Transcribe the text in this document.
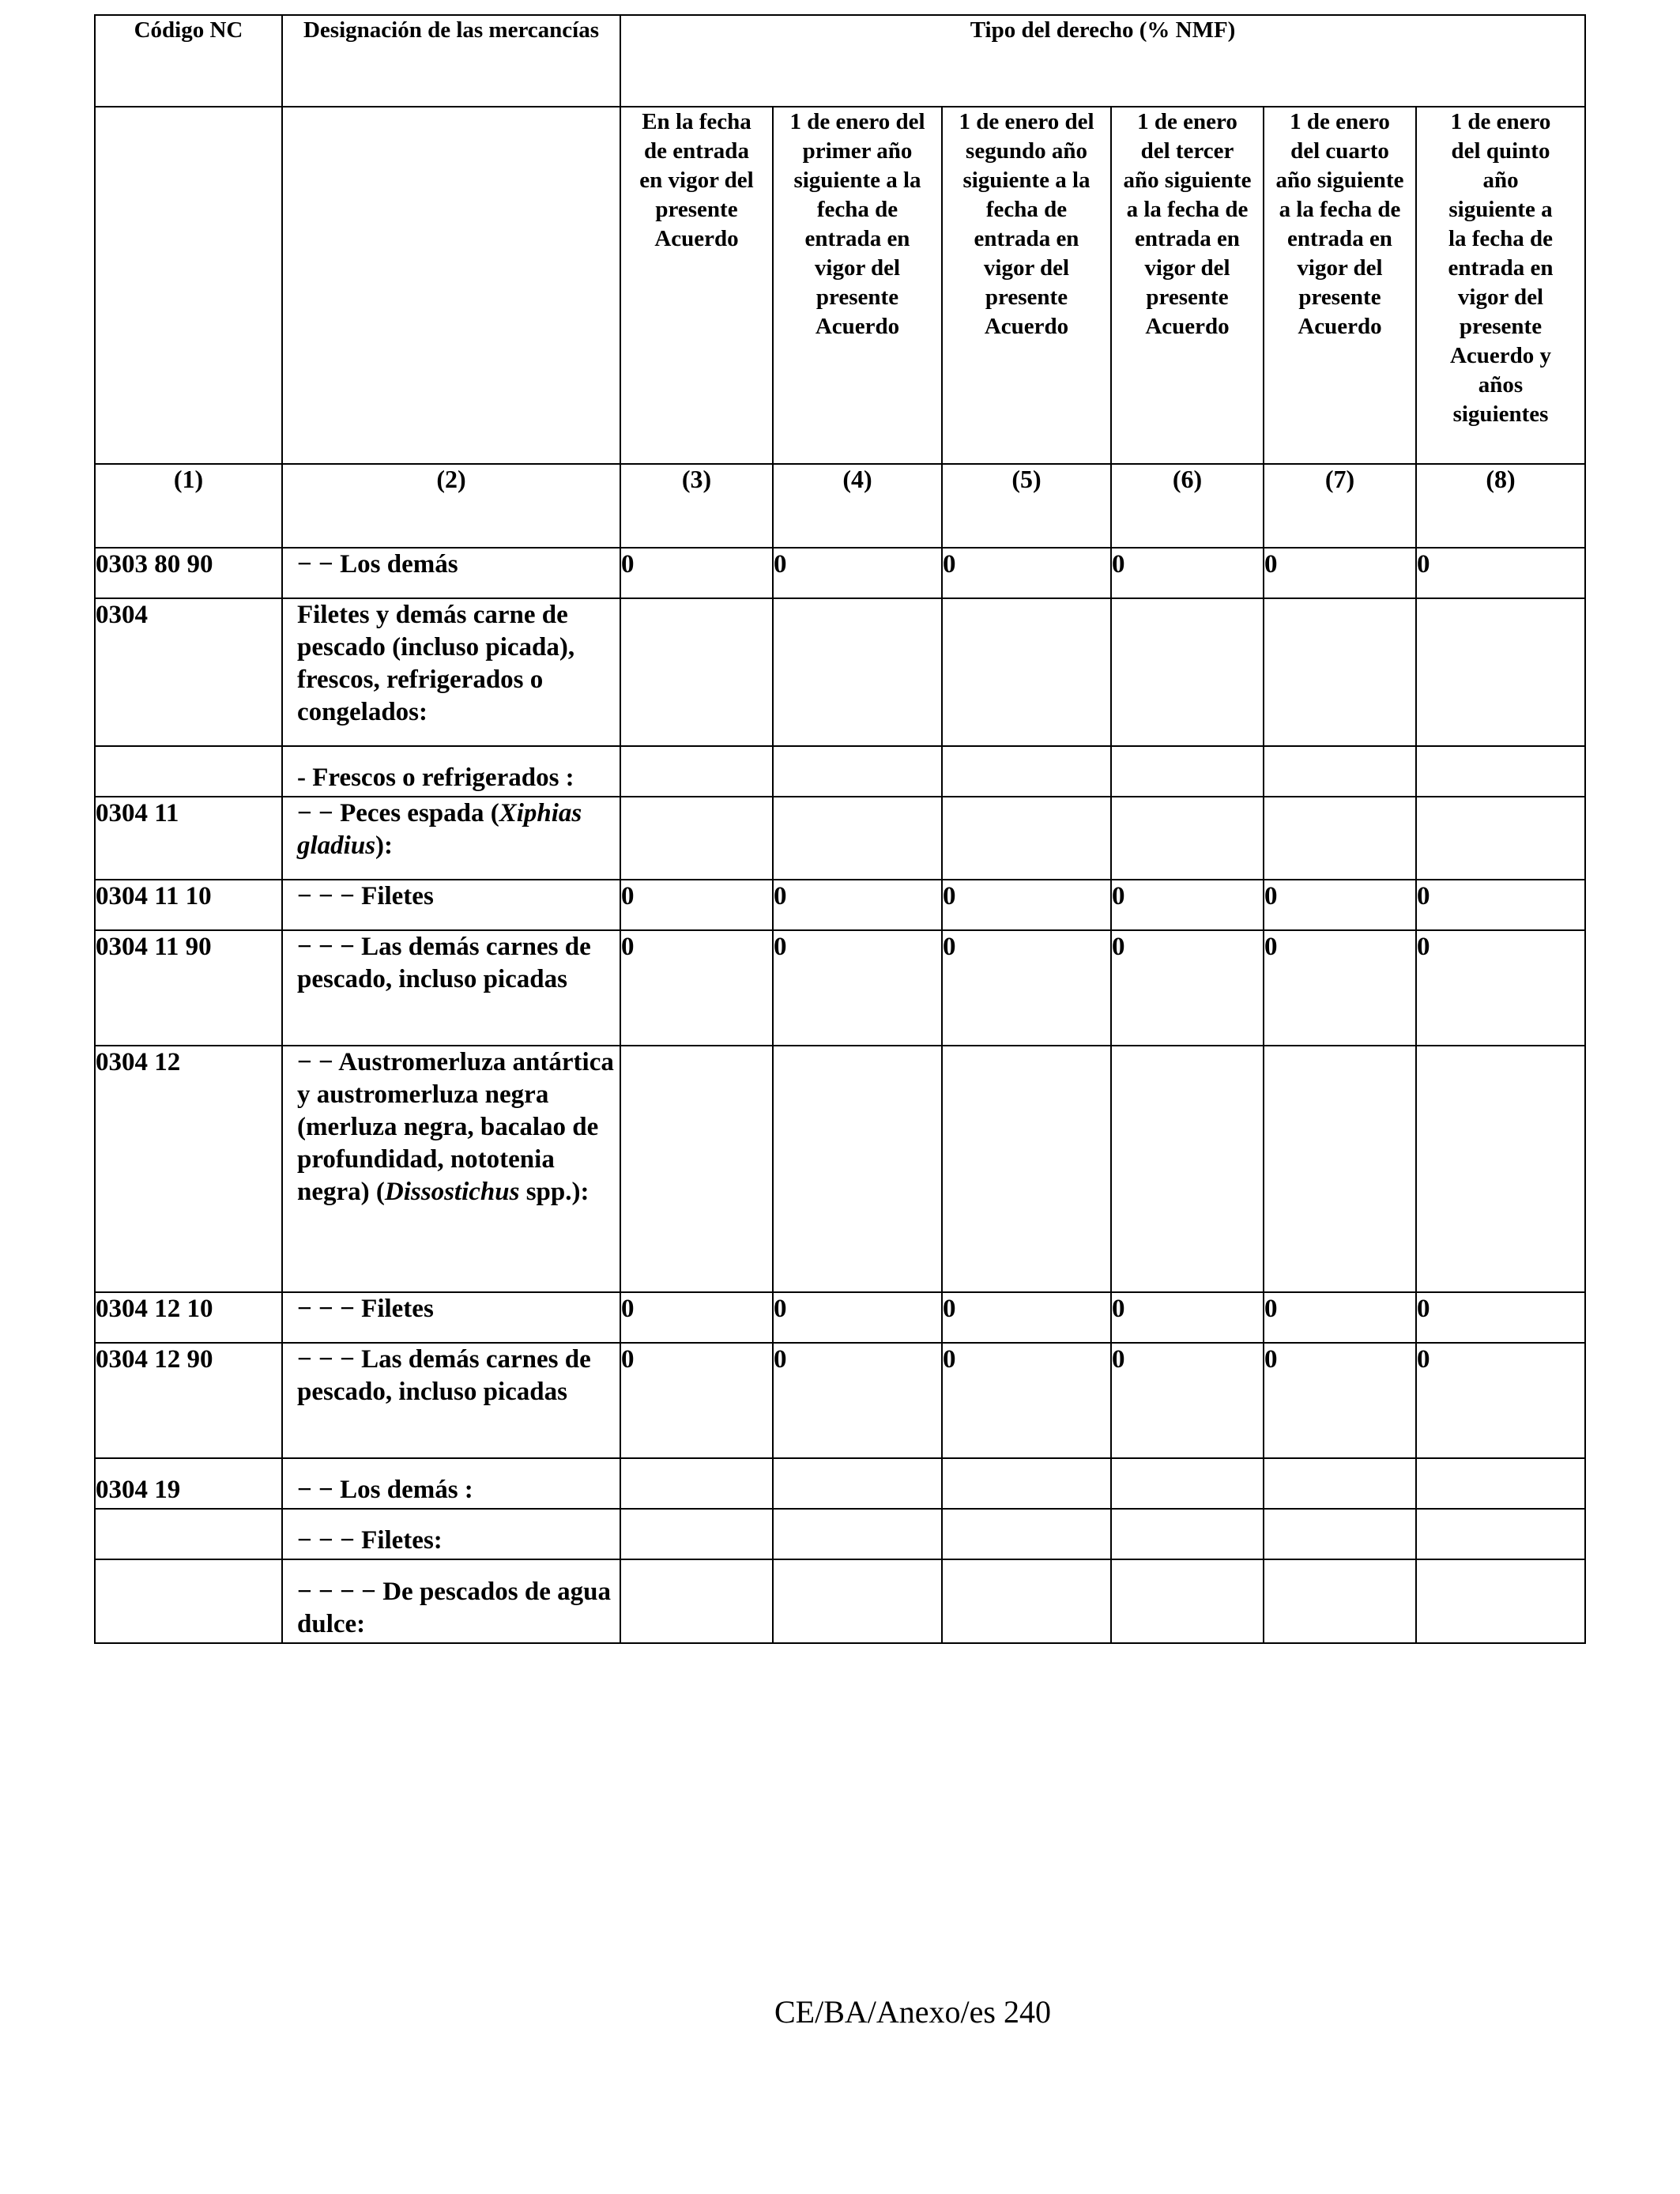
Código NC	Designación de las mercancías	Tipo del derecho (% NMF)					
		En la fecha de entrada en vigor del presente Acuerdo	1 de enero del primer año siguiente a la fecha de entrada en vigor del presente Acuerdo	1 de enero del segundo año siguiente a la fecha de entrada en vigor del presente Acuerdo	1 de enero del tercer año siguiente a la fecha de entrada en vigor del presente Acuerdo	1 de enero del cuarto año siguiente a la fecha de entrada en vigor del presente Acuerdo	1 de enero del quinto año siguiente a la fecha de entrada en vigor del presente Acuerdo y años siguientes
(1)	(2)	(3)	(4)	(5)	(6)	(7)	(8)
0303 80 90	− − Los demás	0	0	0	0	0	0
0304	Filetes y demás carne de pescado (incluso picada), frescos, refrigerados o congelados:						
	- Frescos o refrigerados :						
0304 11	− − Peces espada (Xiphias gladius):						
0304 11 10	− − − Filetes	0	0	0	0	0	0
0304 11 90	− − − Las demás carnes de pescado, incluso picadas	0	0	0	0	0	0
0304 12	− − Austromerluza antártica y austromerluza negra (merluza negra, bacalao de profundidad, nototenia negra) (Dissostichus spp.):						
0304 12 10	− − − Filetes	0	0	0	0	0	0
0304 12 90	− − − Las demás carnes de pescado, incluso picadas	0	0	0	0	0	0
0304 19	− − Los demás :						
	− − − Filetes:						
	− − − − De pescados de agua dulce:						
CE/BA/Anexo/es 240
